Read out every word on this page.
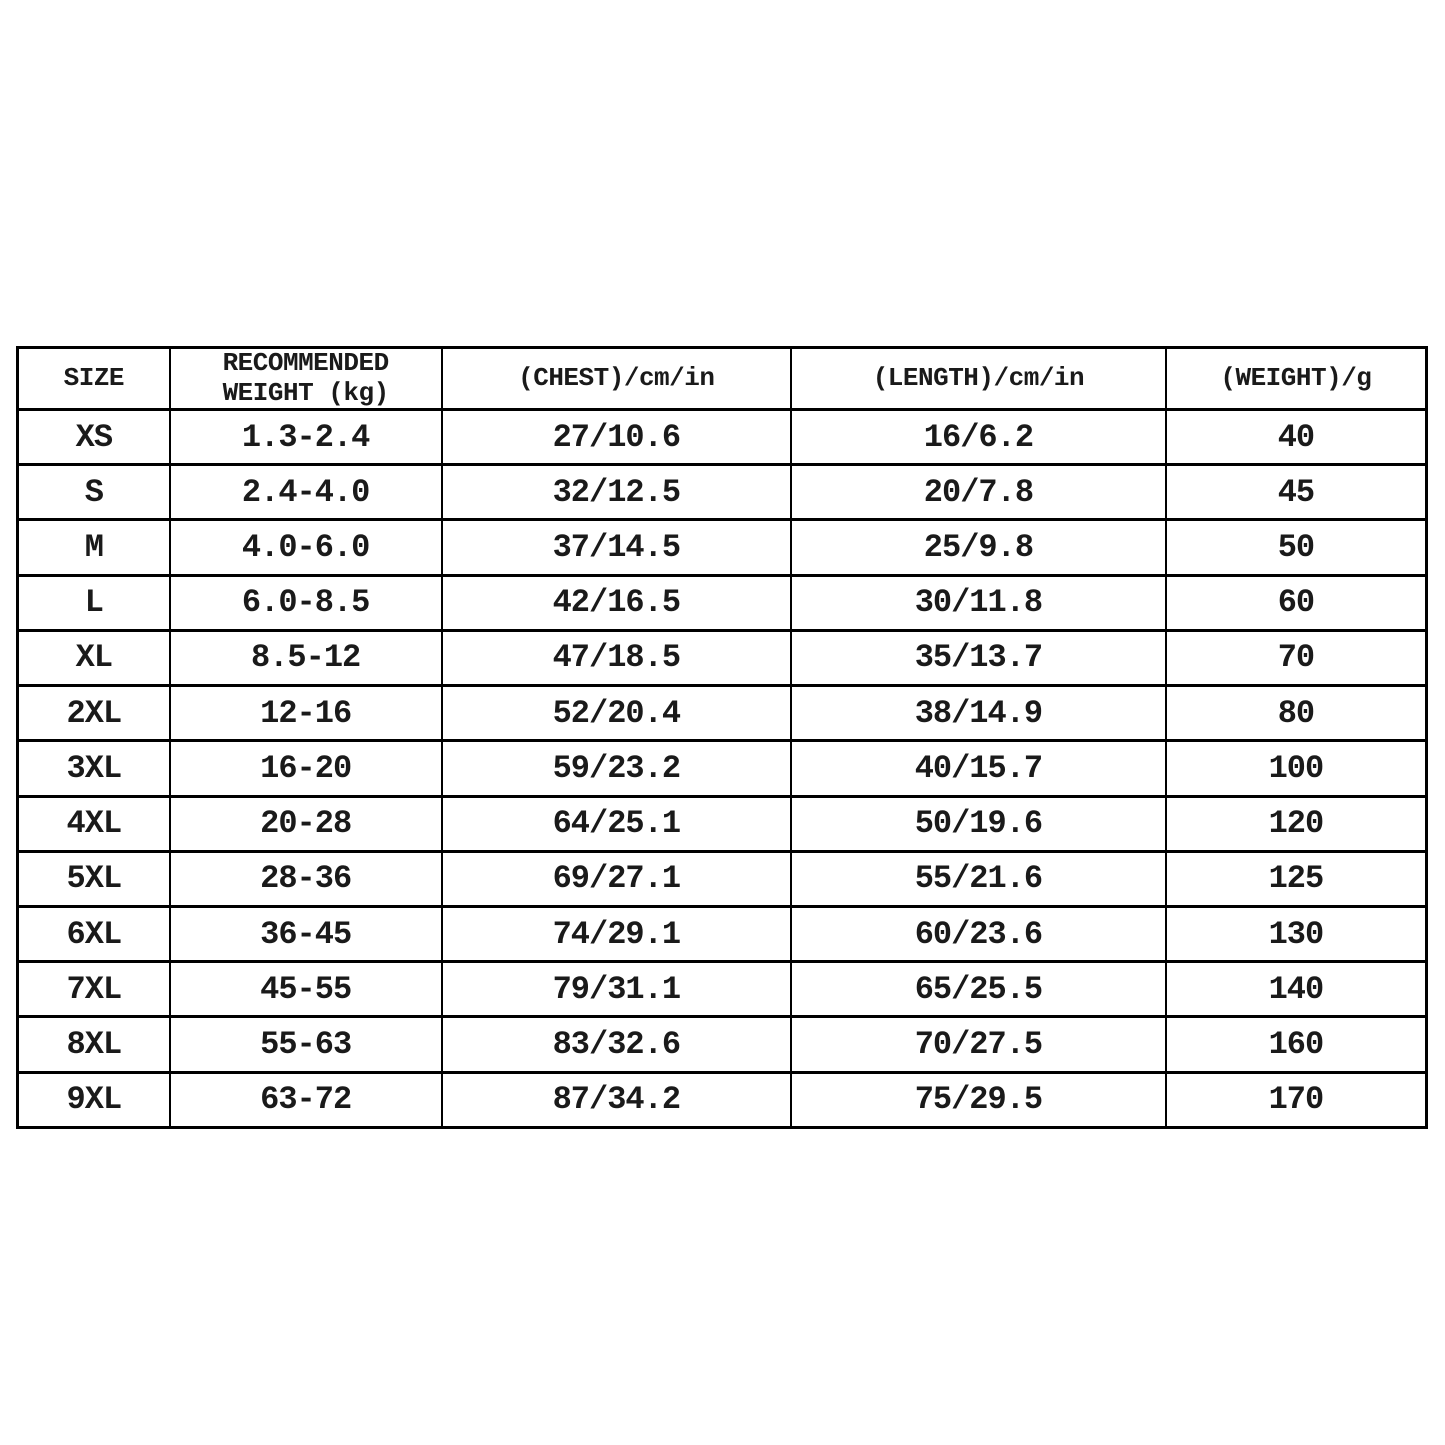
SIZE	RECOMMENDED WEIGHT (kg)	(CHEST)/cm/in	(LENGTH)/cm/in	(WEIGHT)/g
XS	1.3-2.4	27/10.6	16/6.2	40
S	2.4-4.0	32/12.5	20/7.8	45
M	4.0-6.0	37/14.5	25/9.8	50
L	6.0-8.5	42/16.5	30/11.8	60
XL	8.5-12	47/18.5	35/13.7	70
2XL	12-16	52/20.4	38/14.9	80
3XL	16-20	59/23.2	40/15.7	100
4XL	20-28	64/25.1	50/19.6	120
5XL	28-36	69/27.1	55/21.6	125
6XL	36-45	74/29.1	60/23.6	130
7XL	45-55	79/31.1	65/25.5	140
8XL	55-63	83/32.6	70/27.5	160
9XL	63-72	87/34.2	75/29.5	170
